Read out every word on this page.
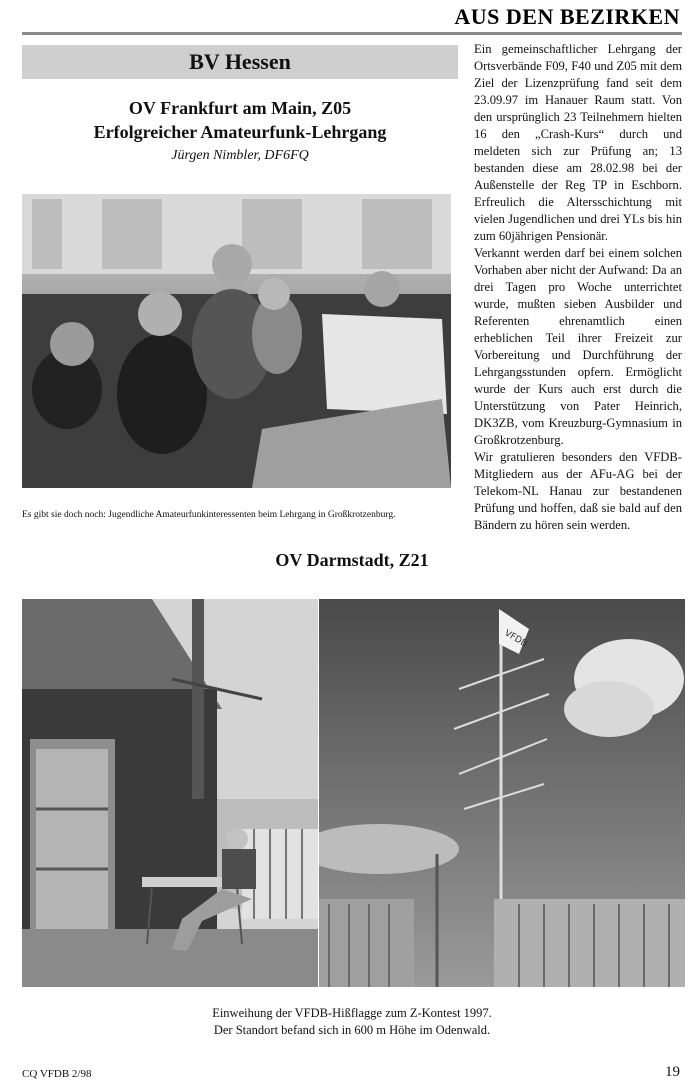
AUS DEN BEZIRKEN
BV Hessen
OV Frankfurt am Main, Z05
Erfolgreicher Amateurfunk-Lehrgang
Jürgen Nimbler, DF6FQ
Es gibt sie doch noch: Jugendliche Amateurfunkinteressenten beim Lehrgang in Großkrotzenburg.

Ein gemeinschaftlicher Lehrgang der Ortsverbände F09, F40 und Z05 mit dem Ziel der Lizenzprüfung fand seit dem 23.09.97 im Hanauer Raum statt. Von den ursprünglich 23 Teilnehmern hielten 16 den „Crash-Kurs“ durch und meldeten sich zur Prüfung an; 13 bestanden diese am 28.02.98 bei der Außenstelle der Reg TP in Eschborn. Erfreulich die Altersschichtung mit vielen Jugendlichen und drei YLs bis hin zum 60jährigen Pensionär.

Verkannt werden darf bei einem solchen Vorhaben aber nicht der Aufwand: Da an drei Tagen pro Woche unterrichtet wurde, mußten sieben Ausbilder und Referenten ehrenamtlich einen erheblichen Teil ihrer Freizeit zur Vorbereitung und Durchführung der Lehrgangsstunden opfern. Ermöglicht wurde der Kurs auch erst durch die Unterstützung von Pater Heinrich, DK3ZB, vom Kreuzburg-Gymnasium in Großkrotzenburg.

Wir gratulieren besonders den VFDB-Mitgliedern aus der AFu-AG bei der Telekom-NL Hanau zur bestandenen Prüfung und hoffen, daß sie bald auf den Bändern zu hören sein werden.

OV Darmstadt, Z21
VFDB
Einweihung der VFDB-Hißflagge zum Z-Kontest 1997.
Der Standort befand sich in 600 m Höhe im Odenwald.
CQ VFDB 2/98	19
